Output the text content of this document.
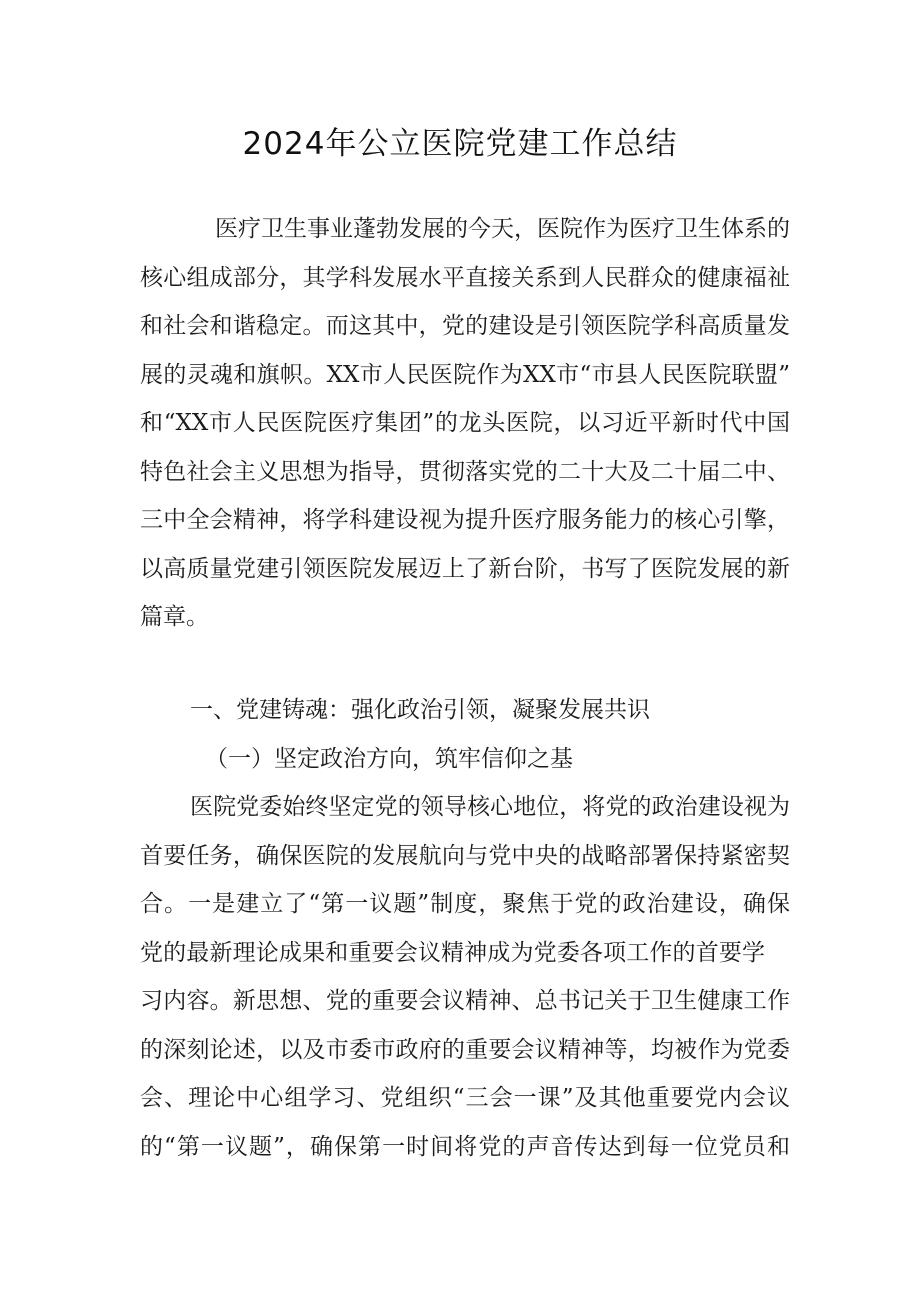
2024年公立医院党建工作总结
医疗卫生事业蓬勃发展的今天，医院作为医疗卫生体系的
核心组成部分，其学科发展水平直接关系到人民群众的健康福祉
和社会和谐稳定。而这其中，党的建设是引领医院学科高质量发
展的灵魂和旗帜。XX市人民医院作为XX市“市县人民医院联盟”
和“XX市人民医院医疗集团”的龙头医院，以习近平新时代中国
特色社会主义思想为指导，贯彻落实党的二十大及二十届二中、
三中全会精神，将学科建设视为提升医疗服务能力的核心引擎，
以高质量党建引领医院发展迈上了新台阶，书写了医院发展的新
篇章。
一、党建铸魂：强化政治引领，凝聚发展共识
（一）坚定政治方向，筑牢信仰之基
医院党委始终坚定党的领导核心地位，将党的政治建设视为
首要任务，确保医院的发展航向与党中央的战略部署保持紧密契
合。一是建立了“第一议题”制度，聚焦于党的政治建设，确保
党的最新理论成果和重要会议精神成为党委各项工作的首要学
习内容。新思想、党的重要会议精神、总书记关于卫生健康工作
的深刻论述，以及市委市政府的重要会议精神等，均被作为党委
会、理论中心组学习、党组织“三会一课”及其他重要党内会议
的“第一议题”，确保第一时间将党的声音传达到每一位党员和
